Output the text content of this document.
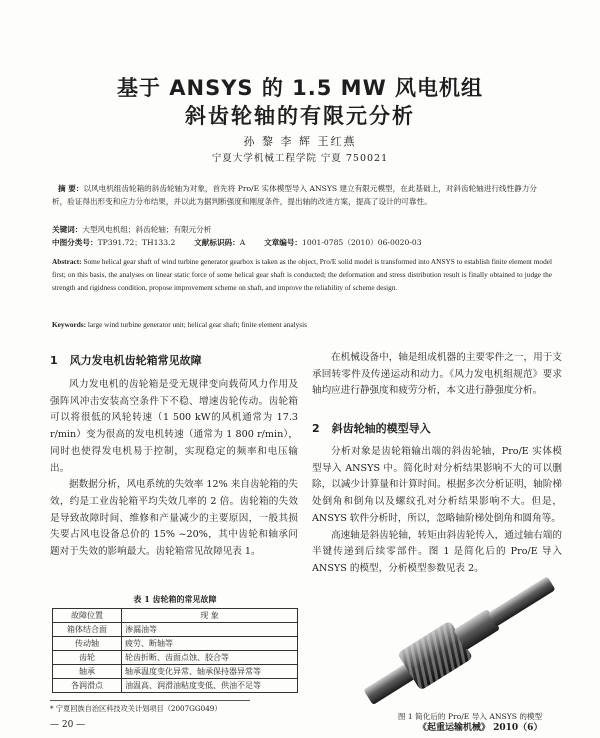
基于 ANSYS 的 1.5 MW 风电机组
斜齿轮轴的有限元分析
孙 黎 李 辉 王红燕
宁夏大学机械工程学院 宁夏 750021
摘 要：以风电机组齿轮箱的斜齿轮轴为对象，首先将 Pro/E 实体模型导入 ANSYS 建立有限元模型，在此基础上，对斜齿轮轴进行线性静力分析，验证得出形变和应力分布结果，并以此为据判断强度和刚度条件，提出轴的改进方案，提高了设计的可靠性。
关键词：大型风电机组；斜齿轮轴；有限元分析
中图分类号：TP391.72；TH133.2 文献标识码：A 文章编号：1001-0785（2010）06-0020-03
Abstract: Some helical gear shaft of wind turbine generator gearbox is taken as the object, Pro/E solid model is transformed into ANSYS to establish finite element model first; on this basis, the analyses on linear static force of some helical gear shaft is conducted; the deformation and stress distribution result is finally obtained to judge the strength and rigidness condition, propose improvement scheme on shaft, and improve the reliability of scheme design.
Keywords: large wind turbine generator unit; helical gear shaft; finite element analysis
1 风力发电机齿轮箱常见故障

风力发电机的齿轮箱是受无规律变向载荷风力作用及强阵风冲击安装高空条件下不稳、增速齿轮传动。齿轮箱可以将很低的风轮转速（1 500 kW的风机通常为 17.3 r/min）变为很高的发电机转速（通常为 1 800 r/min），同时也使得发电机易于控制，实现稳定的频率和电压输出。

据数据分析，风电系统的失效率 12% 来自齿轮箱的失效，约是工业齿轮箱平均失效几率的 2 倍。齿轮箱的失效是导致故障时间、维修和产量减少的主要原因，一般其损失要占风电设备总价的 15% ~20%，其中齿轮和轴承问题对于失效的影响最大。齿轮箱常见故障见表 1。

表 1 齿轮箱的常见故障
故障位置	现 象
箱体结合面	渗漏油等
传动轴	疲劳、断轴等
齿轮	轮齿折断、齿面点蚀、胶合等
轴承	轴承温度变化异常、轴承保持器异常等
各润滑点	油温高、润滑油粘度变低、供油不足等

在机械设备中，轴是组成机器的主要零件之一，用于支承回转零件及传递运动和动力。《风力发电机组规范》要求轴均应进行静强度和疲劳分析，本文进行静强度分析。

2 斜齿轮轴的模型导入

分析对象是齿轮箱输出端的斜齿轮轴，Pro/E 实体模型导入 ANSYS 中。简化时对分析结果影响不大的可以删除，以减少计算量和计算时间。根据多次分析证明，轴阶梯处倒角和倒角以及螺纹孔对分析结果影响不大。但是，ANSYS 软件分析时，所以，忽略轴阶梯处倒角和圆角等。

高速轴是斜齿轮轴，转矩由斜齿轮传入，通过轴右端的半键传递到后续零部件。图 1 是简化后的 Pro/E 导入 ANSYS 的模型，分析模型参数见表 2。

图 1 简化后的 Pro/E 导入 ANSYS 的模型
* 宁夏回族自治区科技攻关计划项目（2007GG049）
— 20 —	《起重运输机械》 2010（6）
